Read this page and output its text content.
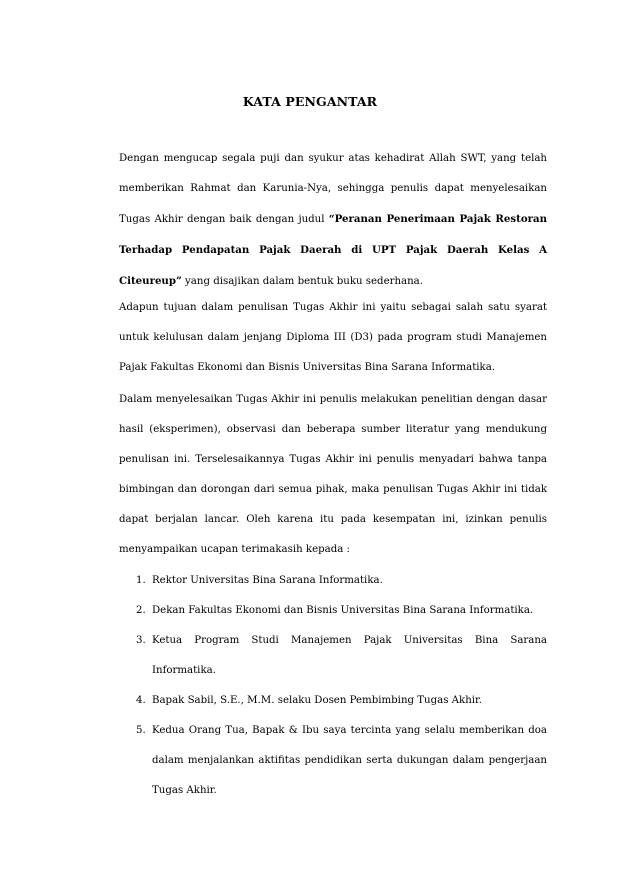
KATA PENGANTAR

Dengan mengucap segala puji dan syukur atas kehadirat Allah SWT, yang telah memberikan Rahmat dan Karunia-Nya, sehingga penulis dapat menyelesaikan Tugas Akhir dengan baik dengan judul “Peranan Penerimaan Pajak Restoran Terhadap Pendapatan Pajak Daerah di UPT Pajak Daerah Kelas A Citeureup” yang disajikan dalam bentuk buku sederhana.

Adapun tujuan dalam penulisan Tugas Akhir ini yaitu sebagai salah satu syarat untuk kelulusan dalam jenjang Diploma III (D3) pada program studi Manajemen Pajak Fakultas Ekonomi dan Bisnis Universitas Bina Sarana Informatika.

Dalam menyelesaikan Tugas Akhir ini penulis melakukan penelitian dengan dasar hasil (eksperimen), observasi dan beberapa sumber literatur yang mendukung penulisan ini. Terselesaikannya Tugas Akhir ini penulis menyadari bahwa tanpa bimbingan dan dorongan dari semua pihak, maka penulisan Tugas Akhir ini tidak dapat berjalan lancar. Oleh karena itu pada kesempatan ini, izinkan penulis menyampaikan ucapan terimakasih kepada :

1. Rektor Universitas Bina Sarana Informatika.
2. Dekan Fakultas Ekonomi dan Bisnis Universitas Bina Sarana Informatika.
3. Ketua Program Studi Manajemen Pajak Universitas Bina Sarana Informatika.
4. Bapak Sabil, S.E., M.M. selaku Dosen Pembimbing Tugas Akhir.
5. Kedua Orang Tua, Bapak & Ibu saya tercinta yang selalu memberikan doa dalam menjalankan aktifitas pendidikan serta dukungan dalam pengerjaan Tugas Akhir.
